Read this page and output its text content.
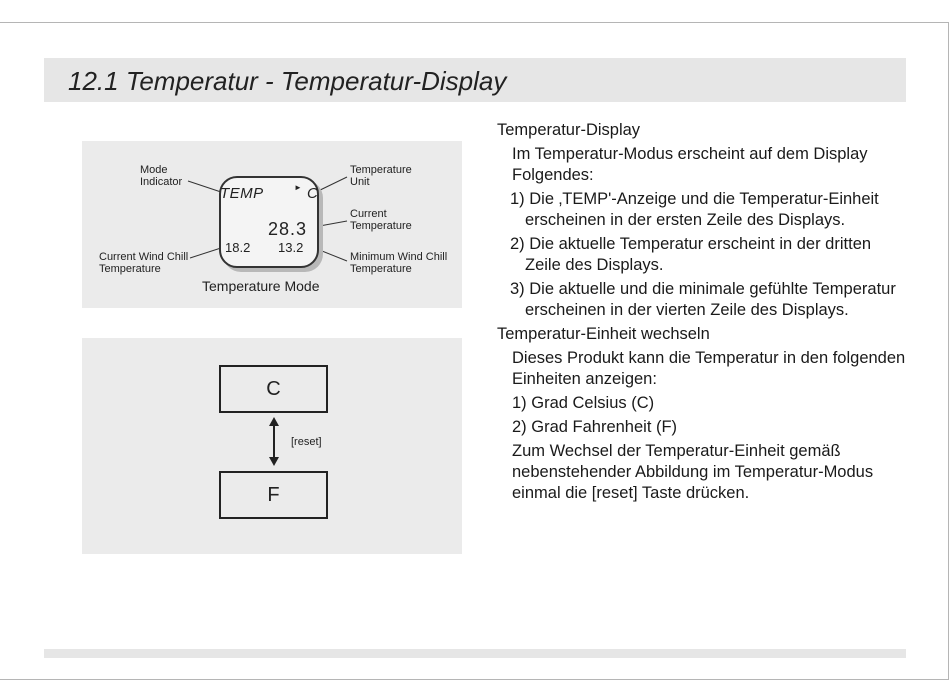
12.1 Temperatur - Temperatur-Display
Mode
Indicator
Temperature
Unit
Current
Temperature
Current Wind Chill
Temperature
Minimum Wind Chill
Temperature
TEMP	► C
28.3
18.2 13.2
Temperature Mode
C
[reset]
F
Temperatur-Display
Im Temperatur-Modus erscheint auf dem Display Folgendes:
1) Die ‚TEMP'-Anzeige und die Temperatur-Einheit erscheinen in der ersten Zeile des Displays.
2) Die aktuelle Temperatur erscheint in der dritten Zeile des Displays.
3) Die aktuelle und die minimale gefühlte Temperatur erscheinen in der vierten Zeile des Displays.
Temperatur-Einheit wechseln
Dieses Produkt kann die Temperatur in den folgenden Einheiten anzeigen:
1) Grad Celsius (C)
2) Grad Fahrenheit (F)
Zum Wechsel der Temperatur-Einheit gemäß nebenstehender Abbildung im Temperatur-Modus einmal die [reset] Taste drücken.
